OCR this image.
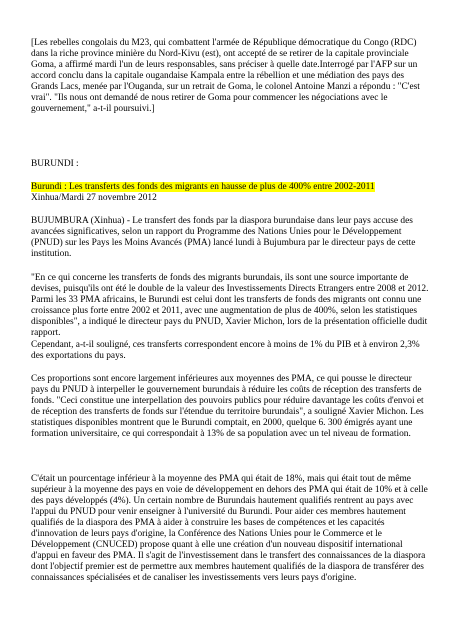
[Les rebelles congolais du M23, qui combattent l'armée de République démocratique du Congo (RDC) dans la riche province minière du Nord-Kivu (est), ont accepté de se retirer de la capitale provinciale Goma, a affirmé mardi l'un de leurs responsables, sans préciser à quelle date.Interrogé par l'AFP sur un accord conclu dans la capitale ougandaise Kampala entre la rébellion et une médiation des pays des Grands Lacs, menée par l'Ouganda, sur un retrait de Goma, le colonel Antoine Manzi a répondu : "C'est vrai". "Ils nous ont demandé de nous retirer de Goma pour commencer les négociations avec le gouvernement," a-t-il poursuivi.]

BURUNDI :

Burundi : Les transferts des fonds des migrants en hausse de plus de 400% entre 2002-2011
Xinhua/Mardi 27 novembre 2012

BUJUMBURA (Xinhua) - Le transfert des fonds par la diaspora burundaise dans leur pays accuse des avancées significatives, selon un rapport du Programme des Nations Unies pour le Développement (PNUD) sur les Pays les Moins Avancés (PMA) lancé lundi à Bujumbura par le directeur pays de cette institution.

"En ce qui concerne les transferts de fonds des migrants burundais, ils sont une source importante de devises, puisqu'ils ont été le double de la valeur des Investissements Directs Etrangers entre 2008 et 2012. Parmi les 33 PMA africains, le Burundi est celui dont les transferts de fonds des migrants ont connu une croissance plus forte entre 2002 et 2011, avec une augmentation de plus de 400%, selon les statistiques disponibles", a indiqué le directeur pays du PNUD, Xavier Michon, lors de la présentation officielle dudit rapport.

Cependant, a-t-il souligné, ces transferts correspondent encore à moins de 1% du PIB et à environ 2,3% des exportations du pays.

Ces proportions sont encore largement inférieures aux moyennes des PMA, ce qui pousse le directeur pays du PNUD à interpeller le gouvernement burundais à réduire les coûts de réception des transferts de fonds. "Ceci constitue une interpellation des pouvoirs publics pour réduire davantage les coûts d'envoi et de réception des transferts de fonds sur l'étendue du territoire burundais", a souligné Xavier Michon. Les statistiques disponibles montrent que le Burundi comptait, en 2000, quelque 6. 300 émigrés ayant une formation universitaire, ce qui correspondait à 13% de sa population avec un tel niveau de formation.

C'était un pourcentage inférieur à la moyenne des PMA qui était de 18%, mais qui était tout de même supérieur à la moyenne des pays en voie de développement en dehors des PMA qui était de 10% et à celle des pays développés (4%). Un certain nombre de Burundais hautement qualifiés rentrent au pays avec l'appui du PNUD pour venir enseigner à l'université du Burundi. Pour aider ces membres hautement qualifiés de la diaspora des PMA à aider à construire les bases de compétences et les capacités d'innovation de leurs pays d'origine, la Conférence des Nations Unies pour le Commerce et le Développement (CNUCED) propose quant à elle une création d'un nouveau dispositif international d'appui en faveur des PMA. Il s'agit de l'investissement dans le transfert des connaissances de la diaspora dont l'objectif premier est de permettre aux membres hautement qualifiés de la diaspora de transférer des connaissances spécialisées et de canaliser les investissements vers leurs pays d'origine.
